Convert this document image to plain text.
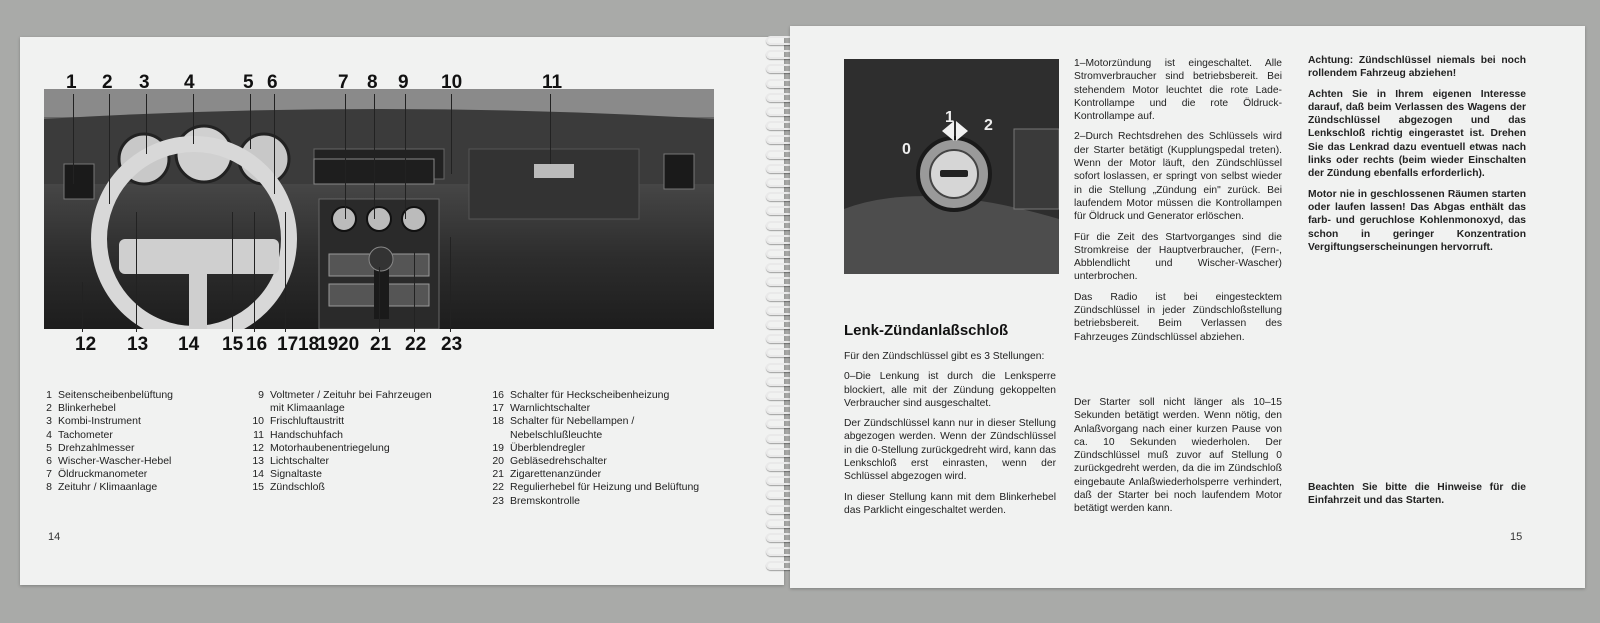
1 2 3 4	5 6	7 8 9 10	11
12 13 14 15 16 17 18
19 20 21 22 23
1 Seitenscheibenbelüftung
2 Blinkerhebel
3 Kombi-Instrument
4 Tachometer
5 Drehzahlmesser
6 Wischer-Wascher-Hebel
7 Öldruckmanometer
8 Zeituhr / Klimaanlage
9 Voltmeter / Zeituhr bei Fahrzeugen
mit Klimaanlage
10 Frischluftaustritt
11 Handschuhfach
12 Motorhaubenentriegelung
13 Lichtschalter
14 Signaltaste
15 Zündschloß
16 Schalter für Heckscheibenheizung
17 Warnlichtschalter
18 Schalter für Nebellampen /
Nebelschlußleuchte
19 Überblendregler
20 Gebläsedrehschalter
21 Zigarettenanzünder
22 Regulierhebel für Heizung und Belüftung
23 Bremskontrolle
14
0
1 2
Lenk-Zündanlaßschloß

Für den Zündschlüssel gibt es 3 Stellungen:

0–Die Lenkung ist durch die Lenksperre blockiert, alle mit der Zündung gekoppelten Verbraucher sind ausgeschaltet.

Der Zündschlüssel kann nur in dieser Stellung abgezogen werden. Wenn der Zündschlüssel in die 0-Stellung zurückgedreht wird, kann das Lenkschloß erst einrasten, wenn der Schlüssel abgezogen wird.

In dieser Stellung kann mit dem Blinkerhebel das Parklicht eingeschaltet werden.

1–Motorzündung ist eingeschaltet. Alle Stromverbraucher sind betriebsbereit. Bei stehendem Motor leuchtet die rote Lade-Kontrollampe und die rote Öldruck-Kontrollampe auf.

2–Durch Rechtsdrehen des Schlüssels wird der Starter betätigt (Kupplungspedal treten). Wenn der Motor läuft, den Zündschlüssel sofort loslassen, er springt von selbst wieder in die Stellung „Zündung ein" zurück. Bei laufendem Motor müssen die Kontrollampen für Öldruck und Generator erlöschen.

Für die Zeit des Startvorganges sind die Stromkreise der Hauptverbraucher, (Fern-, Abblendlicht und Wischer-Wascher) unterbrochen.

Das Radio ist bei eingestecktem Zündschlüssel in jeder Zündschloßstellung betriebsbereit. Beim Verlassen des Fahrzeuges Zündschlüssel abziehen.

Der Starter soll nicht länger als 10–15 Sekunden betätigt werden. Wenn nötig, den Anlaßvorgang nach einer kurzen Pause von ca. 10 Sekunden wiederholen. Der Zündschlüssel muß zuvor auf Stellung 0 zurückgedreht werden, da die im Zündschloß eingebaute Anlaßwiederholsperre verhindert, daß der Starter bei noch laufendem Motor betätigt werden kann.

Achtung: Zündschlüssel niemals bei noch rollendem Fahrzeug abziehen!

Achten Sie in Ihrem eigenen Interesse darauf, daß beim Verlassen des Wagens der Zündschlüssel abgezogen und das Lenkschloß richtig eingerastet ist. Drehen Sie das Lenkrad dazu eventuell etwas nach links oder rechts (beim wieder Einschalten der Zündung ebenfalls erforderlich).

Motor nie in geschlossenen Räumen starten oder laufen lassen! Das Abgas enthält das farb- und geruchlose Kohlenmonoxyd, das schon in geringer Konzentration Vergiftungserscheinungen hervorruft.

Beachten Sie bitte die Hinweise für die Einfahrzeit und das Starten.

15
